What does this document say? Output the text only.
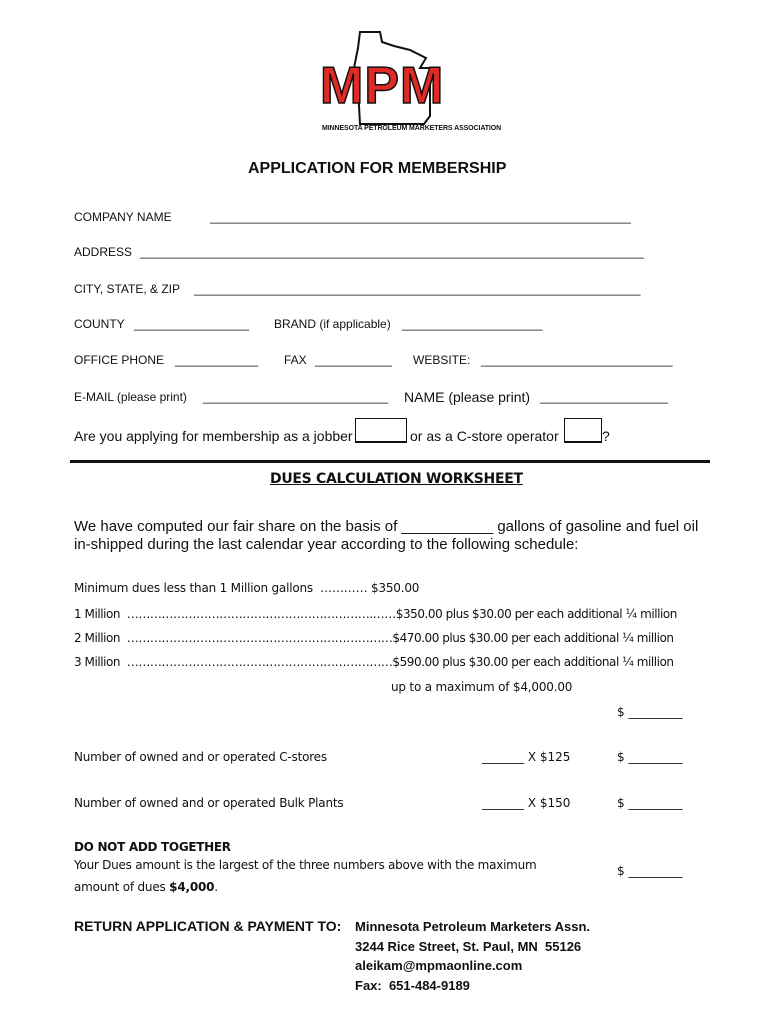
MPM
MINNESOTA PETROLEUM MARKETERS ASSOCIATION
APPLICATION FOR MEMBERSHIP
COMPANY NAME	__________________________________________________________________
ADDRESS _______________________________________________________________________________
CITY, STATE, & ZIP ______________________________________________________________________
COUNTY __________________ BRAND (if applicable) ______________________
OFFICE PHONE _____________ FAX ____________ WEBSITE: ______________________________
E-MAIL (please print) _____________________________ NAME (please print) ____________________
Are you applying for membership as a jobber	or as a C-store operator	?
DUES CALCULATION WORKSHEET
We have computed our fair share on the basis of ___________ gallons of gasoline and fuel oil
in-shipped during the last calendar year according to the following schedule:
Minimum dues less than 1 Million gallons  ………… $350.00
1 Million  ……………………………………………………….……$350.00 plus $30.00 per each additional ¼ million
2 Million  ……………………………………………………………$470.00 plus $30.00 per each additional ¼ million
3 Million  ……………………………………………………………$590.00 plus $30.00 per each additional ¼ million
up to a maximum of $4,000.00
$ _________
Number of owned and or operated C-stores	_______ X $125	$ _________
Number of owned and or operated Bulk Plants	_______ X $150	$ _________
DO NOT ADD TOGETHER
Your Dues amount is the largest of the three numbers above with the maximum
amount of dues $4,000.
$ _________
RETURN APPLICATION & PAYMENT TO: Minnesota Petroleum Marketers Assn.
3244 Rice Street, St. Paul, MN  55126
aleikam@mpmaonline.com
Fax:  651-484-9189
